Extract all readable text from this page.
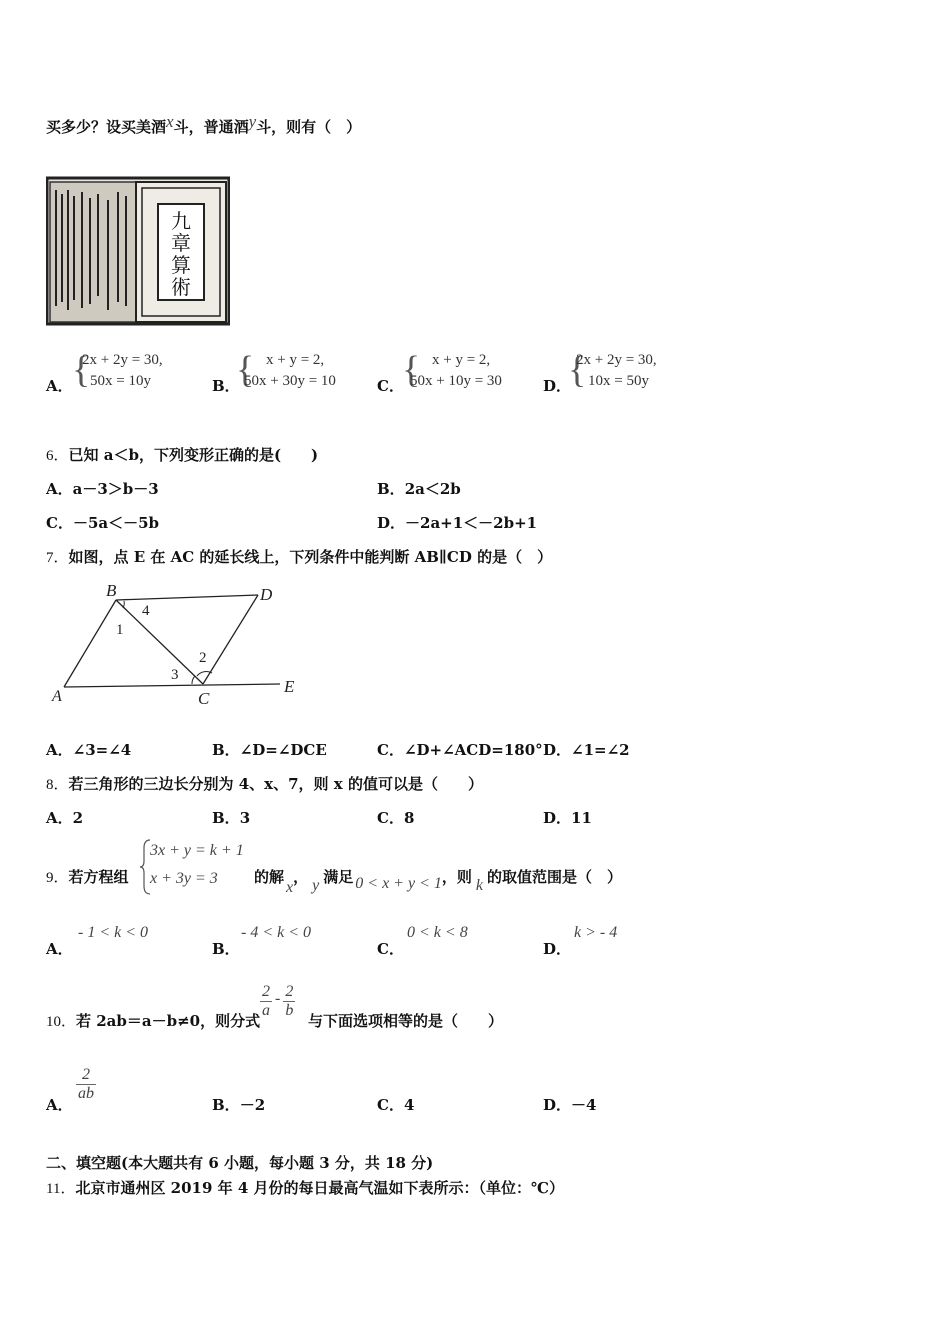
买多少？设买美酒x斗，普通酒y斗，则有（　）
九章算術
A． {
2x + 2y = 30,
50x = 10y	B．
{ x + y = 2,
50x + 30y = 10	C．
{ x + y = 2,
50x + 10y = 30	D．
{
2x + 2y = 30,
10x = 50y
6．已知 a＜b，下列变形正确的是(　　)
A．a－3＞b－3	B．2a＜2b
C．－5a＜－5b	D．－2a+1＜－2b+1
7．如图，点 E 在 AC 的延长线上，下列条件中能判断 AB∥CD 的是（　）
B	D
A	C
E
1
2
3
4
A．∠3=∠4	B．∠D=∠DCE	C．∠D+∠ACD=180° D．∠1=∠2
8．若三角形的三边长分别为 4、x、7，则 x 的值可以是（　　）
A．2	B．3	C．8	D．11
9．若方程组
3x + y = k + 1
x + 3y = 3 的解x， y 满足 0 < x + y < 1，则 k 的取值范围是（　）
A．
- 1 < k < 0
B．
- 4 < k < 0
C．
0 < k < 8
D．
k > - 4
10．若 2ab＝a－b≠0，则分式
$\frac{2}{a} - \frac{2}{b}$
与下面选项相等的是（　　）
A．
$\frac{2}{ab}$
B．－2	C．4	D．－4
二、填空题(本大题共有 6 小题，每小题 3 分，共 18 分)
11．北京市通州区 2019 年 4 月份的每日最高气温如下表所示：（单位：℃）
